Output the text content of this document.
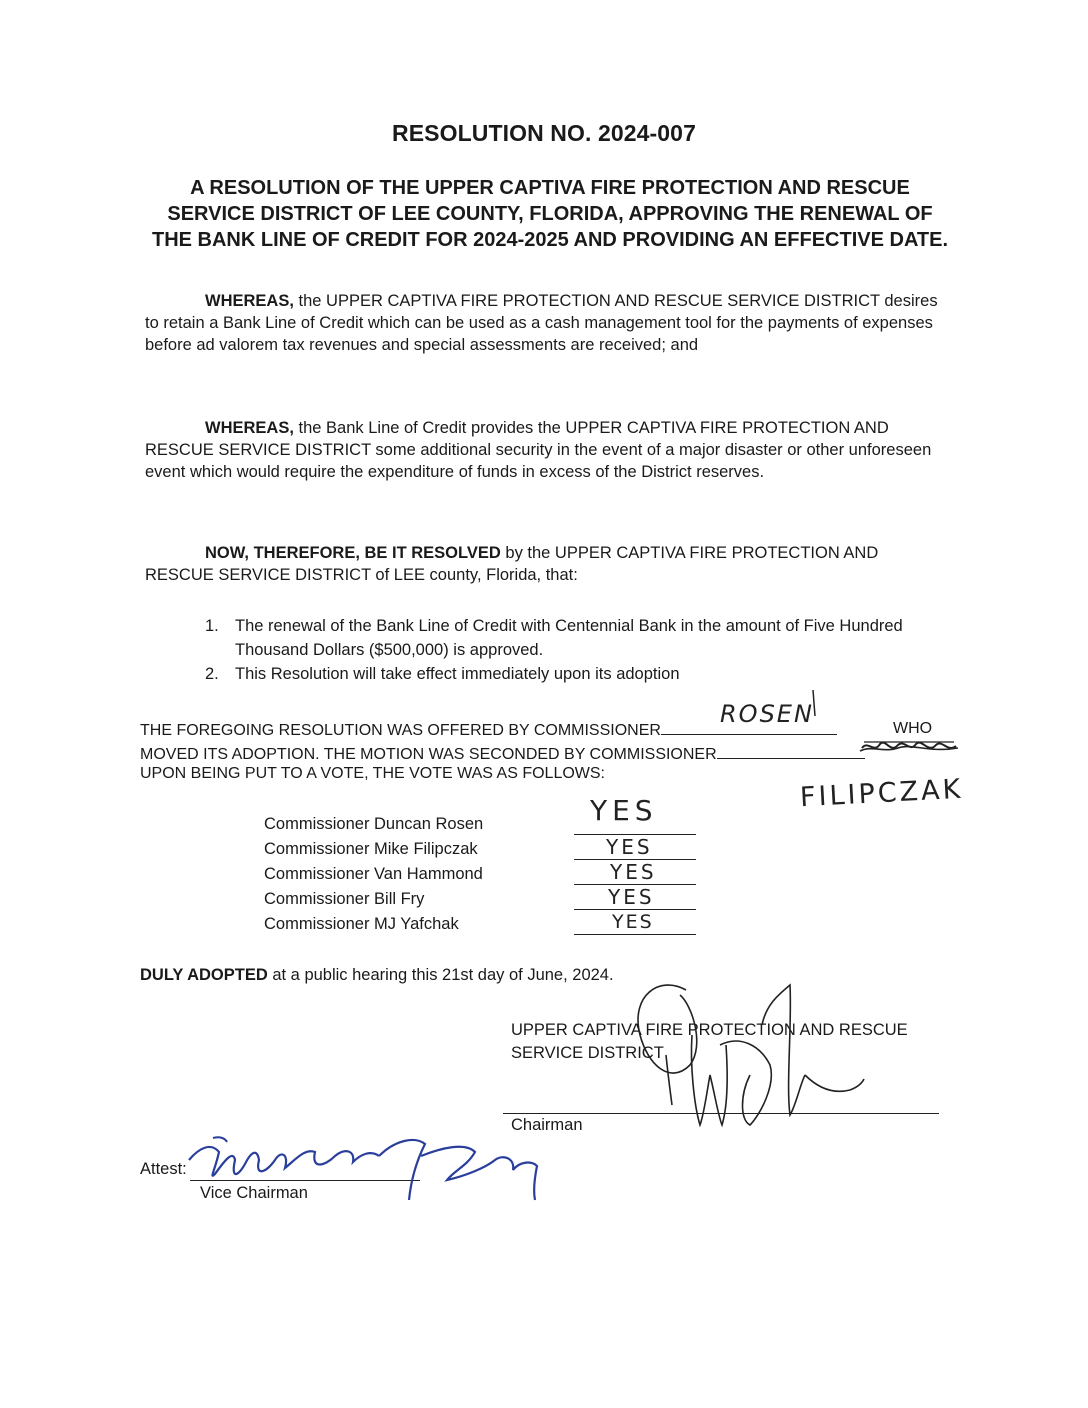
RESOLUTION NO. 2024-007
A RESOLUTION OF THE UPPER CAPTIVA FIRE PROTECTION AND RESCUE SERVICE DISTRICT OF LEE COUNTY, FLORIDA, APPROVING THE RENEWAL OF THE BANK LINE OF CREDIT FOR 2024-2025 AND PROVIDING AN EFFECTIVE DATE.
WHEREAS, the UPPER CAPTIVA FIRE PROTECTION AND RESCUE SERVICE DISTRICT desires to retain a Bank Line of Credit which can be used as a cash management tool for the payments of expenses before ad valorem tax revenues and special assessments are received; and
WHEREAS, the Bank Line of Credit provides the UPPER CAPTIVA FIRE PROTECTION AND RESCUE SERVICE DISTRICT some additional security in the event of a major disaster or other unforeseen event which would require the expenditure of funds in excess of the District reserves.
NOW, THEREFORE, BE IT RESOLVED by the UPPER CAPTIVA FIRE PROTECTION AND RESCUE SERVICE DISTRICT of LEE county, Florida, that:
1. The renewal of the Bank Line of Credit with Centennial Bank in the amount of Five Hundred Thousand Dollars ($500,000) is approved.
2. This Resolution will take effect immediately upon its adoption
THE FOREGOING RESOLUTION WAS OFFERED BY COMMISSIONER	WHO
MOVED ITS ADOPTION. THE MOTION WAS SECONDED BY COMMISSIONER
UPON BEING PUT TO A VOTE, THE VOTE WAS AS FOLLOWS:
ROSEN
FILIPCZAK
Commissioner Duncan Rosen	YES
Commissioner Mike Filipczak	YES
Commissioner Van Hammond	YES
Commissioner Bill Fry	YES
Commissioner MJ Yafchak	YES
DULY ADOPTED at a public hearing this 21st day of June, 2024.
UPPER CAPTIVA FIRE PROTECTION AND RESCUE
SERVICE DISTRICT
Chairman
Attest:
Vice Chairman
